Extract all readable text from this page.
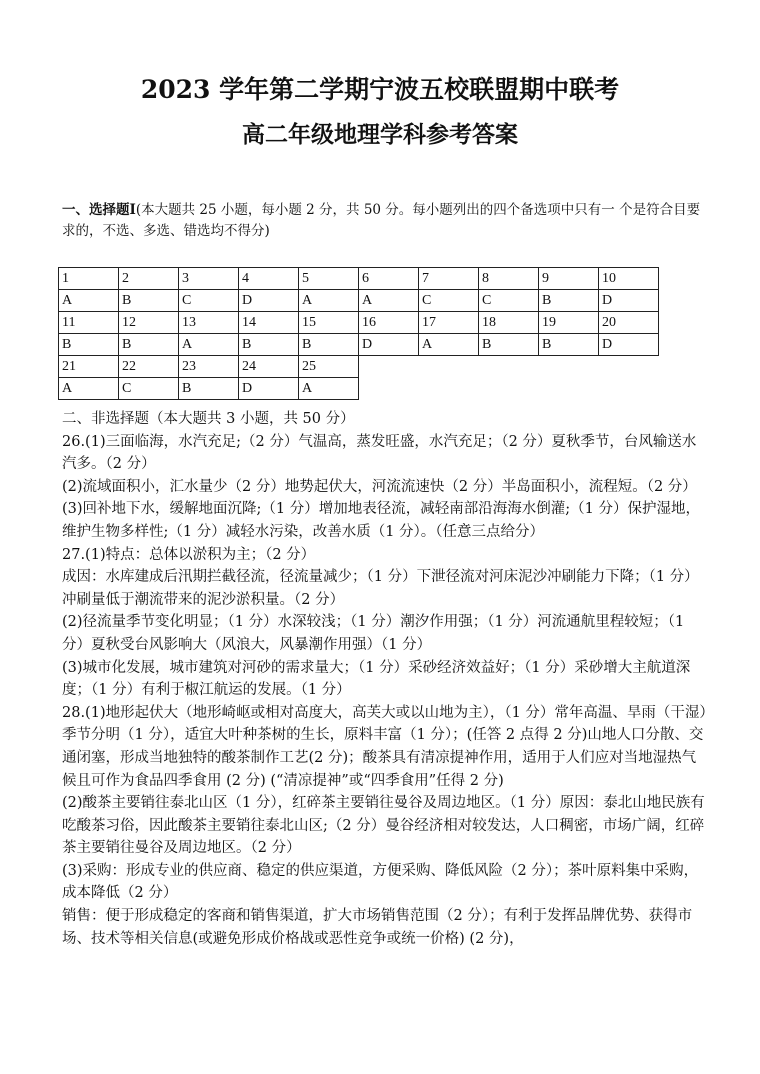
2023 学年第二学期宁波五校联盟期中联考
高二年级地理学科参考答案
一、选择题Ⅰ(本大题共 25 小题，每小题 2 分，共 50 分。每小题列出的四个备选项中只有一 个是符合目要求的，不选、多选、错选均不得分)
1	2	3	4	5	6	7	8	9	10
A	B	C	D	A	A	C	C	B	D
11	12	13	14	15	16	17	18	19	20
B	B	A	B	B	D	A	B	B	D
21	22	23	24	25					
A	C	B	D	A					

二、非选择题（本大题共 3 小题，共 50 分）

26.(1)三面临海，水汽充足;（2 分）气温高，蒸发旺盛，水汽充足；（2 分）夏秋季节，台风输送水汽多。（2 分）

(2)流域面积小，汇水量少（2 分）地势起伏大，河流流速快（2 分）半岛面积小，流程短。（2 分）

(3)回补地下水，缓解地面沉降;（1 分）增加地表径流，减轻南部沿海海水倒灌;（1 分）保护湿地，维护生物多样性;（1 分）减轻水污染，改善水质（1 分）。（任意三点给分）

27.(1)特点：总体以淤积为主；（2 分）

成因：水库建成后汛期拦截径流，径流量减少；（1 分）下泄径流对河床泥沙冲刷能力下降；（1 分）冲刷量低于潮流带来的泥沙淤积量。（2 分）

(2)径流量季节变化明显；（1 分）水深较浅；（1 分）潮汐作用强；（1 分）河流通航里程较短；（1 分）夏秋受台风影响大（风浪大，风暴潮作用强）（1 分）

(3)城市化发展，城市建筑对河砂的需求量大；（1 分）采砂经济效益好；（1 分）采砂增大主航道深度；（1 分）有利于椒江航运的发展。（1 分）

28.(1)地形起伏大（地形崎岖或相对高度大，高芙大或以山地为主），（1 分）常年高温、旱雨（干湿）季节分明（1 分），适宜大叶种茶树的生长，原料丰富（1 分）；(任答 2 点得 2 分)山地人口分散、交通闭塞，形成当地独特的酸茶制作工艺(2 分)；酸茶具有清凉提神作用，适用于人们应对当地湿热气候且可作为食品四季食用 (2 分) (“清凉提神”或“四季食用”任得 2 分)

(2)酸茶主要销往泰北山区（1 分），红碎茶主要销往曼谷及周边地区。（1 分）原因：泰北山地民族有吃酸茶习俗，因此酸茶主要销往泰北山区;（2 分）曼谷经济相对较发达，人口稠密，市场广阔，红碎茶主要销往曼谷及周边地区。（2 分）

(3)采购：形成专业的供应商、稳定的供应渠道，方便采购、降低风险（2 分）；茶叶原料集中采购，成本降低（2 分）

销售：便于形成稳定的客商和销售渠道，扩大市场销售范围（2 分）；有利于发挥品牌优势、获得市场、技术等相关信息(或避免形成价格战或恶性竞争或统一价格) (2 分)，
